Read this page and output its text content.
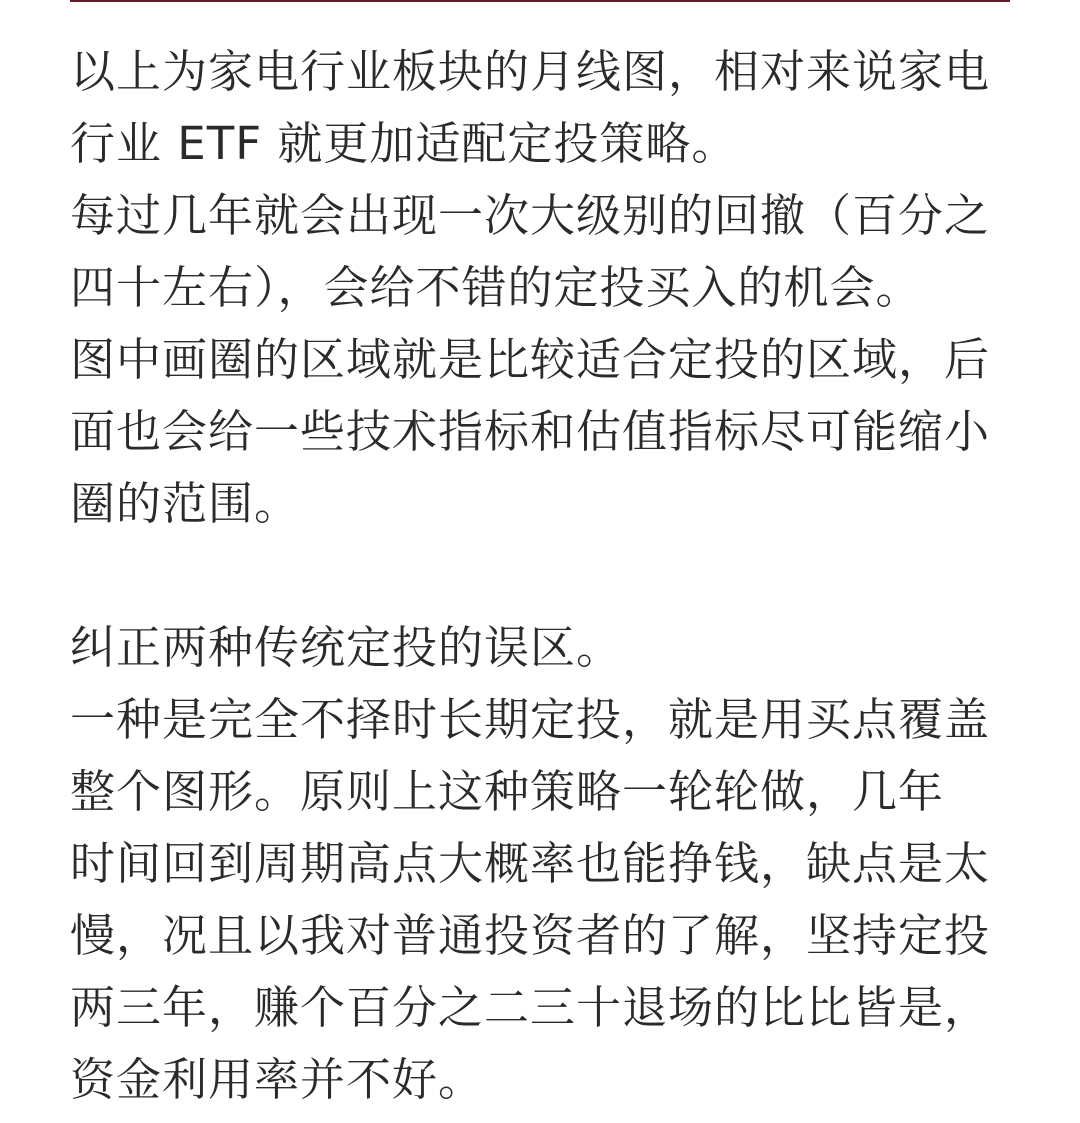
以上为家电行业板块的月线图，相对来说家电
行业 ETF 就更加适配定投策略。
每过几年就会出现一次大级别的回撤（百分之
四十左右），会给不错的定投买入的机会。
图中画圈的区域就是比较适合定投的区域，后
面也会给一些技术指标和估值指标尽可能缩小
圈的范围。
纠正两种传统定投的误区。
一种是完全不择时长期定投，就是用买点覆盖
整个图形。原则上这种策略一轮轮做，几年
时间回到周期高点大概率也能挣钱，缺点是太
慢，况且以我对普通投资者的了解，坚持定投
两三年，赚个百分之二三十退场的比比皆是，
资金利用率并不好。
